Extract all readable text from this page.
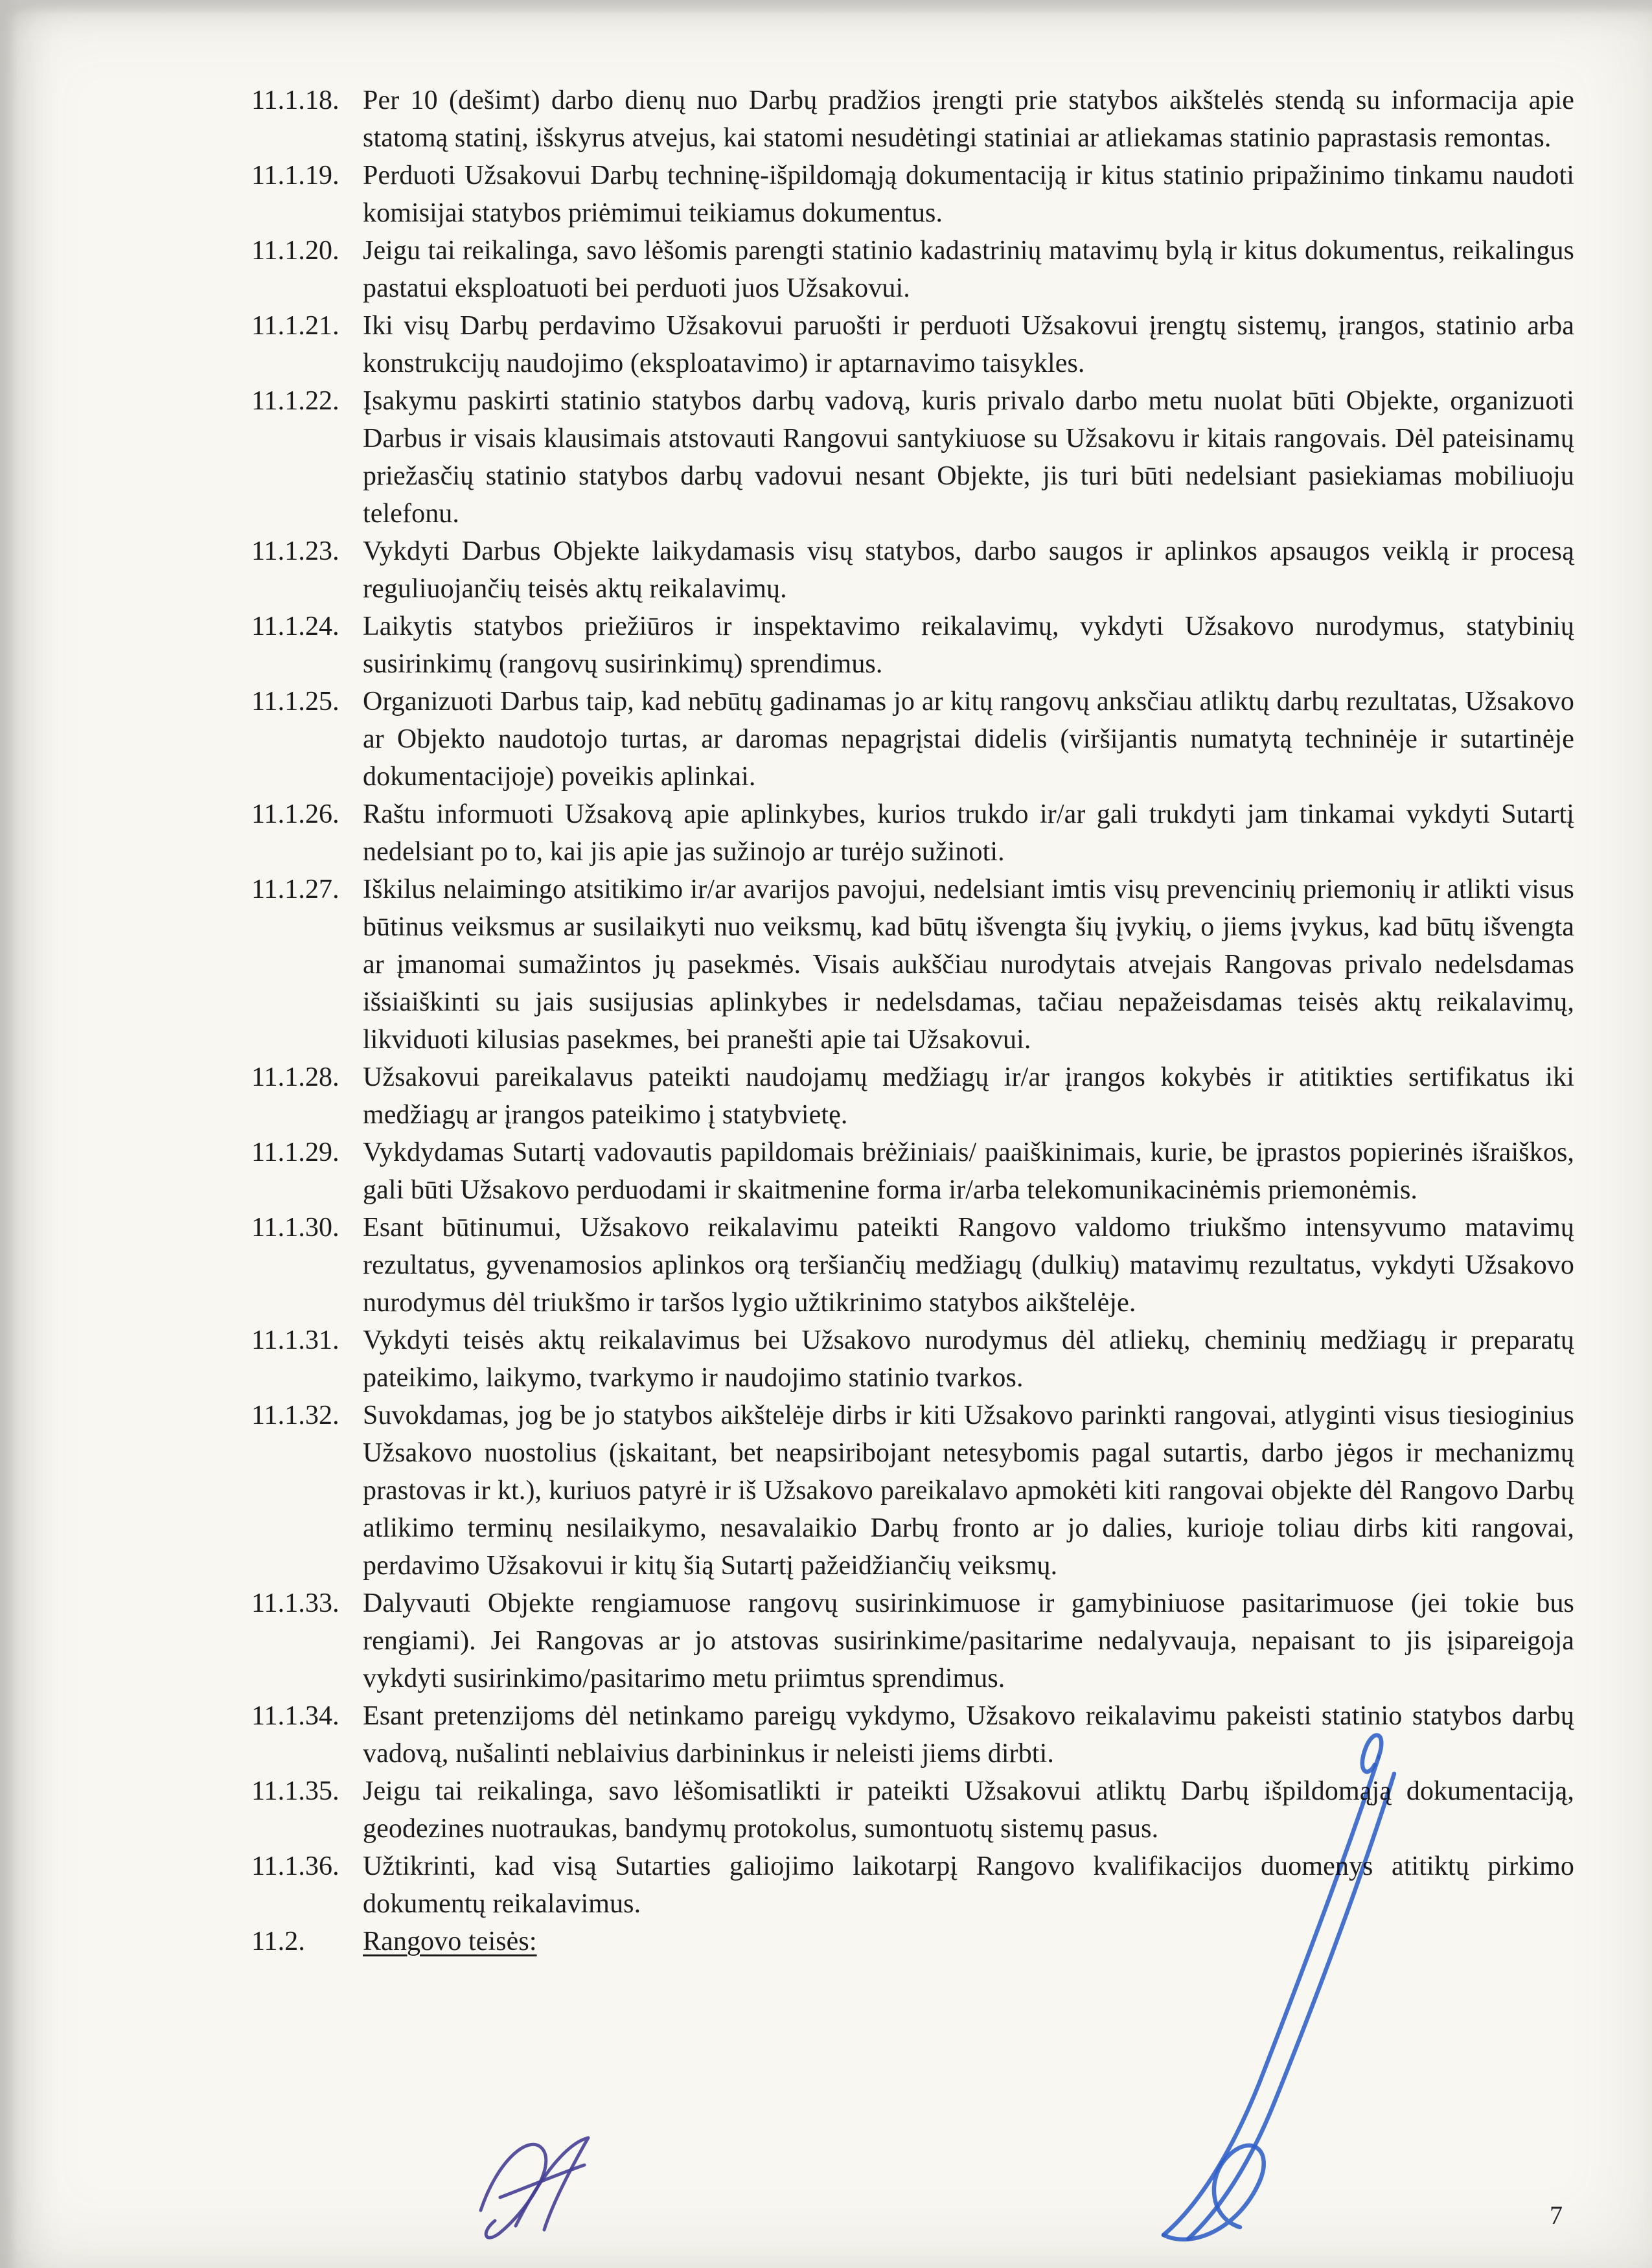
11.1.18. Per 10 (dešimt) darbo dienų nuo Darbų pradžios įrengti prie statybos aikštelės stendą su informacija apie statomą statinį, išskyrus atvejus, kai statomi nesudėtingi statiniai ar atliekamas statinio paprastasis remontas.
11.1.19. Perduoti Užsakovui Darbų techninę-išpildomąją dokumentaciją ir kitus statinio pripažinimo tinkamu naudoti komisijai statybos priėmimui teikiamus dokumentus.
11.1.20. Jeigu tai reikalinga, savo lėšomis parengti statinio kadastrinių matavimų bylą ir kitus dokumentus, reikalingus pastatui eksploatuoti bei perduoti juos Užsakovui.
11.1.21. Iki visų Darbų perdavimo Užsakovui paruošti ir perduoti Užsakovui įrengtų sistemų, įrangos, statinio arba konstrukcijų naudojimo (eksploatavimo) ir aptarnavimo taisykles.
11.1.22. Įsakymu paskirti statinio statybos darbų vadovą, kuris privalo darbo metu nuolat būti Objekte, organizuoti Darbus ir visais klausimais atstovauti Rangovui santykiuose su Užsakovu ir kitais rangovais. Dėl pateisinamų priežasčių statinio statybos darbų vadovui nesant Objekte, jis turi būti nedelsiant pasiekiamas mobiliuoju telefonu.
11.1.23. Vykdyti Darbus Objekte laikydamasis visų statybos, darbo saugos ir aplinkos apsaugos veiklą ir procesą reguliuojančių teisės aktų reikalavimų.
11.1.24. Laikytis statybos priežiūros ir inspektavimo reikalavimų, vykdyti Užsakovo nurodymus, statybinių susirinkimų (rangovų susirinkimų) sprendimus.
11.1.25. Organizuoti Darbus taip, kad nebūtų gadinamas jo ar kitų rangovų anksčiau atliktų darbų rezultatas, Užsakovo ar Objekto naudotojo turtas, ar daromas nepagrįstai didelis (viršijantis numatytą techninėje ir sutartinėje dokumentacijoje) poveikis aplinkai.
11.1.26. Raštu informuoti Užsakovą apie aplinkybes, kurios trukdo ir/ar gali trukdyti jam tinkamai vykdyti Sutartį nedelsiant po to, kai jis apie jas sužinojo ar turėjo sužinoti.
11.1.27. Iškilus nelaimingo atsitikimo ir/ar avarijos pavojui, nedelsiant imtis visų prevencinių priemonių ir atlikti visus būtinus veiksmus ar susilaikyti nuo veiksmų, kad būtų išvengta šių įvykių, o jiems įvykus, kad būtų išvengta ar įmanomai sumažintos jų pasekmės. Visais aukščiau nurodytais atvejais Rangovas privalo nedelsdamas išsiaiškinti su jais susijusias aplinkybes ir nedelsdamas, tačiau nepažeisdamas teisės aktų reikalavimų, likviduoti kilusias pasekmes, bei pranešti apie tai Užsakovui.
11.1.28. Užsakovui pareikalavus pateikti naudojamų medžiagų ir/ar įrangos kokybės ir atitikties sertifikatus iki medžiagų ar įrangos pateikimo į statybvietę.
11.1.29. Vykdydamas Sutartį vadovautis papildomais brėžiniais/ paaiškinimais, kurie, be įprastos popierinės išraiškos, gali būti Užsakovo perduodami ir skaitmenine forma ir/arba telekomunikacinėmis priemonėmis.
11.1.30. Esant būtinumui, Užsakovo reikalavimu pateikti Rangovo valdomo triukšmo intensyvumo matavimų rezultatus, gyvenamosios aplinkos orą teršiančių medžiagų (dulkių) matavimų rezultatus, vykdyti Užsakovo nurodymus dėl triukšmo ir taršos lygio užtikrinimo statybos aikštelėje.
11.1.31. Vykdyti teisės aktų reikalavimus bei Užsakovo nurodymus dėl atliekų, cheminių medžiagų ir preparatų pateikimo, laikymo, tvarkymo ir naudojimo statinio tvarkos.
11.1.32. Suvokdamas, jog be jo statybos aikštelėje dirbs ir kiti Užsakovo parinkti rangovai, atlyginti visus tiesioginius Užsakovo nuostolius (įskaitant, bet neapsiribojant netesybomis pagal sutartis, darbo jėgos ir mechanizmų prastovas ir kt.), kuriuos patyrė ir iš Užsakovo pareikalavo apmokėti kiti rangovai objekte dėl Rangovo Darbų atlikimo terminų nesilaikymo, nesavalaikio Darbų fronto ar jo dalies, kurioje toliau dirbs kiti rangovai, perdavimo Užsakovui ir kitų šią Sutartį pažeidžiančių veiksmų.
11.1.33. Dalyvauti Objekte rengiamuose rangovų susirinkimuose ir gamybiniuose pasitarimuose (jei tokie bus rengiami). Jei Rangovas ar jo atstovas susirinkime/pasitarime nedalyvauja, nepaisant to jis įsipareigoja vykdyti susirinkimo/pasitarimo metu priimtus sprendimus.
11.1.34. Esant pretenzijoms dėl netinkamo pareigų vykdymo, Užsakovo reikalavimu pakeisti statinio statybos darbų vadovą, nušalinti neblaivius darbininkus ir neleisti jiems dirbti.
11.1.35. Jeigu tai reikalinga, savo lėšomisatlikti ir pateikti Užsakovui atliktų Darbų išpildomąją dokumentaciją, geodezines nuotraukas, bandymų protokolus, sumontuotų sistemų pasus.
11.1.36. Užtikrinti, kad visą Sutarties galiojimo laikotarpį Rangovo kvalifikacijos duomenys atitiktų pirkimo dokumentų reikalavimus.
11.2. Rangovo teisės:
7
